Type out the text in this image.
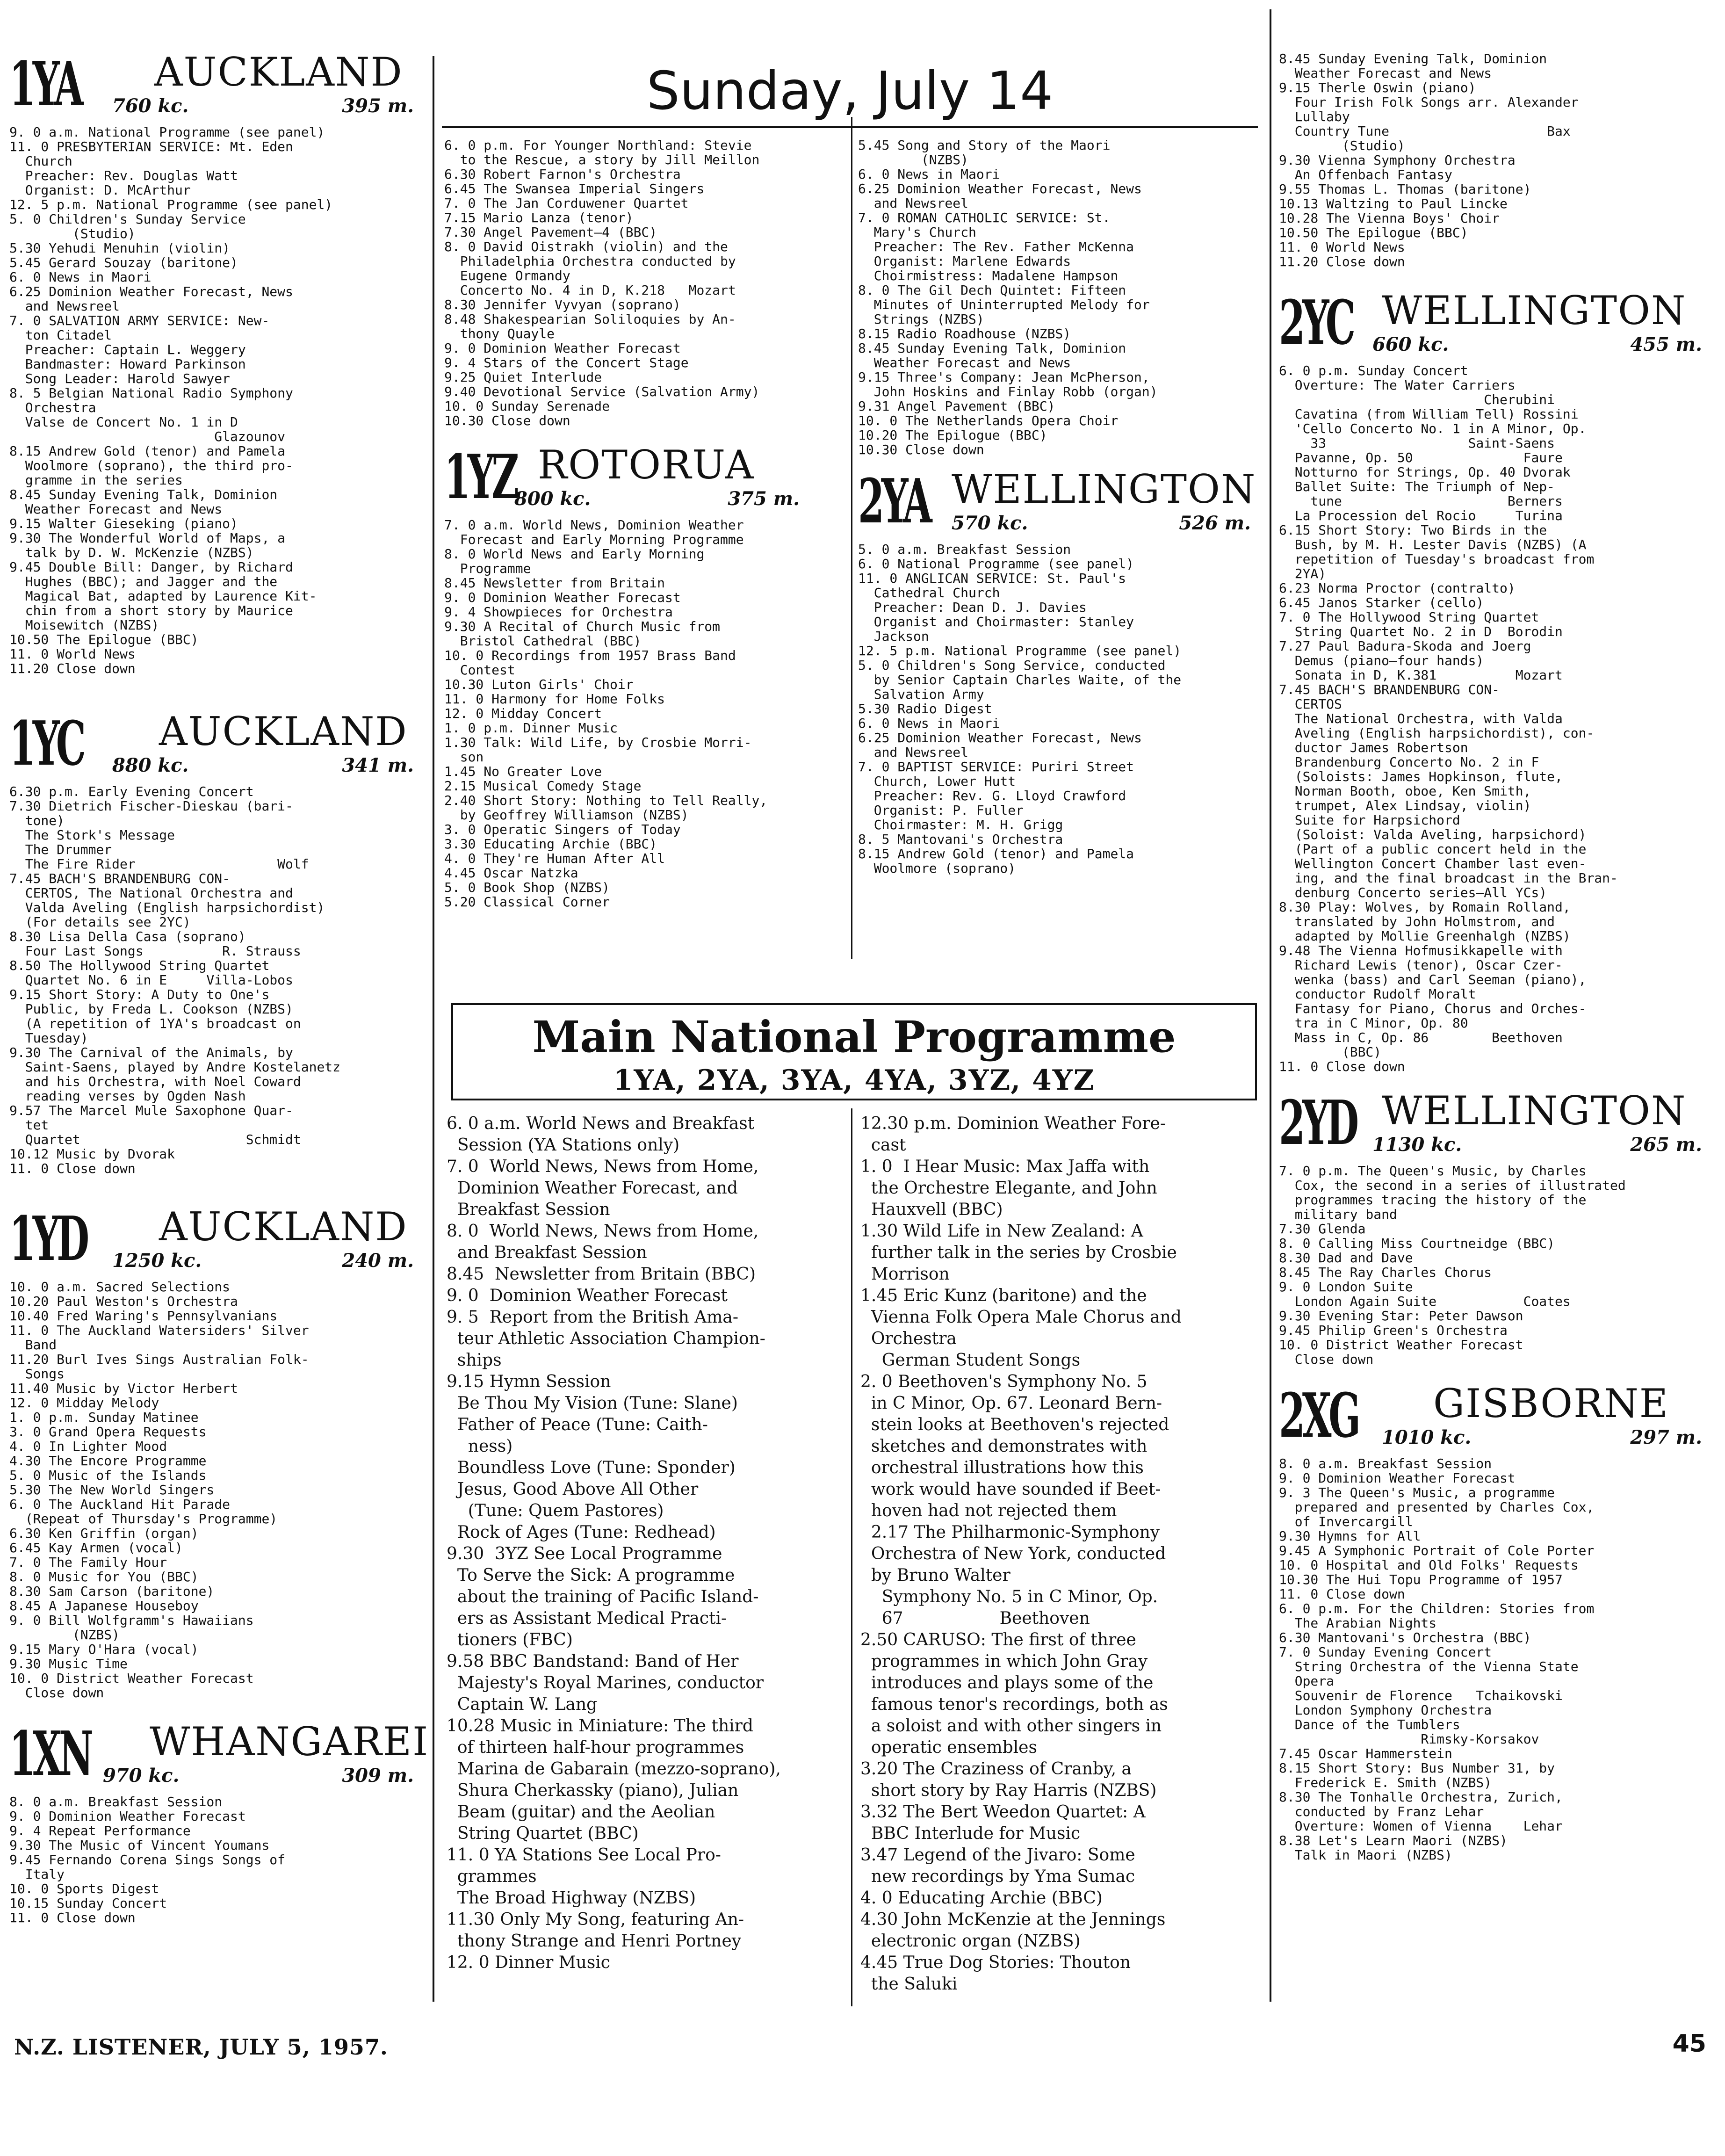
1YA AUCKLAND
760 kc.	395 m.

9. 0 a.m. National Programme (see panel)

11. 0 PRESBYTERIAN SERVICE: Mt. Eden

Church

Preacher: Rev. Douglas Watt

Organist: D. McArthur

12. 5 p.m. National Programme (see panel)

5. 0 Children's Sunday Service

(Studio)

5.30 Yehudi Menuhin (violin)

5.45 Gerard Souzay (baritone)

6. 0 News in Maori

6.25 Dominion Weather Forecast, News

and Newsreel

7. 0 SALVATION ARMY SERVICE: New-

ton Citadel

Preacher: Captain L. Weggery

Bandmaster: Howard Parkinson

Song Leader: Harold Sawyer

8. 5 Belgian National Radio Symphony

Orchestra

Valse de Concert No. 1 in D

Glazounov

8.15 Andrew Gold (tenor) and Pamela

Woolmore (soprano), the third pro-

gramme in the series

8.45 Sunday Evening Talk, Dominion

Weather Forecast and News

9.15 Walter Gieseking (piano)

9.30 The Wonderful World of Maps, a

talk by D. W. McKenzie (NZBS)

9.45 Double Bill: Danger, by Richard

Hughes (BBC); and Jagger and the

Magical Bat, adapted by Laurence Kit-

chin from a short story by Maurice

Moisewitch (NZBS)

10.50 The Epilogue (BBC)

11. 0 World News

11.20 Close down

1YC AUCKLAND
880 kc.	341 m.

6.30 p.m. Early Evening Concert

7.30 Dietrich Fischer-Dieskau (bari-

tone)

The Stork's Message

The Drummer

The Fire Rider                  Wolf

7.45 BACH'S BRANDENBURG CON-

CERTOS, The National Orchestra and

Valda Aveling (English harpsichordist)

(For details see 2YC)

8.30 Lisa Della Casa (soprano)

Four Last Songs          R. Strauss

8.50 The Hollywood String Quartet

Quartet No. 6 in E     Villa-Lobos

9.15 Short Story: A Duty to One's

Public, by Freda L. Cookson (NZBS)

(A repetition of 1YA's broadcast on

Tuesday)

9.30 The Carnival of the Animals, by

Saint-Saens, played by Andre Kostelanetz

and his Orchestra, with Noel Coward

reading verses by Ogden Nash

9.57 The Marcel Mule Saxophone Quar-

tet

Quartet                     Schmidt

10.12 Music by Dvorak

11. 0 Close down

1YD AUCKLAND
1250 kc.	240 m.

10. 0 a.m. Sacred Selections

10.20 Paul Weston's Orchestra

10.40 Fred Waring's Pennsylvanians

11. 0 The Auckland Watersiders' Silver

Band

11.20 Burl Ives Sings Australian Folk-

Songs

11.40 Music by Victor Herbert

12. 0 Midday Melody

1. 0 p.m. Sunday Matinee

3. 0 Grand Opera Requests

4. 0 In Lighter Mood

4.30 The Encore Programme

5. 0 Music of the Islands

5.30 The New World Singers

6. 0 The Auckland Hit Parade

(Repeat of Thursday's Programme)

6.30 Ken Griffin (organ)

6.45 Kay Armen (vocal)

7. 0 The Family Hour

8. 0 Music for You (BBC)

8.30 Sam Carson (baritone)

8.45 A Japanese Houseboy

9. 0 Bill Wolfgramm's Hawaiians

(NZBS)

9.15 Mary O'Hara (vocal)

9.30 Music Time

10. 0 District Weather Forecast

Close down

1XN WHANGAREI
970 kc.	309 m.

8. 0 a.m. Breakfast Session

9. 0 Dominion Weather Forecast

9. 4 Repeat Performance

9.30 The Music of Vincent Youmans

9.45 Fernando Corena Sings Songs of

Italy

10. 0 Sports Digest

10.15 Sunday Concert

11. 0 Close down

Sunday, July 14

6. 0 p.m. For Younger Northland: Stevie

to the Rescue, a story by Jill Meillon

6.30 Robert Farnon's Orchestra

6.45 The Swansea Imperial Singers

7. 0 The Jan Corduwener Quartet

7.15 Mario Lanza (tenor)

7.30 Angel Pavement—4 (BBC)

8. 0 David Oistrakh (violin) and the

Philadelphia Orchestra conducted by

Eugene Ormandy

Concerto No. 4 in D, K.218   Mozart

8.30 Jennifer Vyvyan (soprano)

8.48 Shakespearian Soliloquies by An-

thony Quayle

9. 0 Dominion Weather Forecast

9. 4 Stars of the Concert Stage

9.25 Quiet Interlude

9.40 Devotional Service (Salvation Army)

10. 0 Sunday Serenade

10.30 Close down

1YZ ROTORUA
800 kc.	375 m.

7. 0 a.m. World News, Dominion Weather

Forecast and Early Morning Programme

8. 0 World News and Early Morning

Programme

8.45 Newsletter from Britain

9. 0 Dominion Weather Forecast

9. 4 Showpieces for Orchestra

9.30 A Recital of Church Music from

Bristol Cathedral (BBC)

10. 0 Recordings from 1957 Brass Band

Contest

10.30 Luton Girls' Choir

11. 0 Harmony for Home Folks

12. 0 Midday Concert

1. 0 p.m. Dinner Music

1.30 Talk: Wild Life, by Crosbie Morri-

son

1.45 No Greater Love

2.15 Musical Comedy Stage

2.40 Short Story: Nothing to Tell Really,

by Geoffrey Williamson (NZBS)

3. 0 Operatic Singers of Today

3.30 Educating Archie (BBC)

4. 0 They're Human After All

4.45 Oscar Natzka

5. 0 Book Shop (NZBS)

5.20 Classical Corner

5.45 Song and Story of the Maori

(NZBS)

6. 0 News in Maori

6.25 Dominion Weather Forecast, News

and Newsreel

7. 0 ROMAN CATHOLIC SERVICE: St.

Mary's Church

Preacher: The Rev. Father McKenna

Organist: Marlene Edwards

Choirmistress: Madalene Hampson

8. 0 The Gil Dech Quintet: Fifteen

Minutes of Uninterrupted Melody for

Strings (NZBS)

8.15 Radio Roadhouse (NZBS)

8.45 Sunday Evening Talk, Dominion

Weather Forecast and News

9.15 Three's Company: Jean McPherson,

John Hoskins and Finlay Robb (organ)

9.31 Angel Pavement (BBC)

10. 0 The Netherlands Opera Choir

10.20 The Epilogue (BBC)

10.30 Close down

2YA WELLINGTON
570 kc.	526 m.

5. 0 a.m. Breakfast Session

6. 0 National Programme (see panel)

11. 0 ANGLICAN SERVICE: St. Paul's

Cathedral Church

Preacher: Dean D. J. Davies

Organist and Choirmaster: Stanley

Jackson

12. 5 p.m. National Programme (see panel)

5. 0 Children's Song Service, conducted

by Senior Captain Charles Waite, of the

Salvation Army

5.30 Radio Digest

6. 0 News in Maori

6.25 Dominion Weather Forecast, News

and Newsreel

7. 0 BAPTIST SERVICE: Puriri Street

Church, Lower Hutt

Preacher: Rev. G. Lloyd Crawford

Organist: P. Fuller

Choirmaster: M. H. Grigg

8. 5 Mantovani's Orchestra

8.15 Andrew Gold (tenor) and Pamela

Woolmore (soprano)

Main National Programme
1YA, 2YA, 3YA, 4YA, 3YZ, 4YZ

6. 0 a.m. World News and Breakfast

Session (YA Stations only)

7. 0  World News, News from Home,

Dominion Weather Forecast, and

Breakfast Session

8. 0  World News, News from Home,

and Breakfast Session

8.45  Newsletter from Britain (BBC)

9. 0  Dominion Weather Forecast

9. 5  Report from the British Ama-

teur Athletic Association Champion-

ships

9.15 Hymn Session

Be Thou My Vision (Tune: Slane)

Father of Peace (Tune: Caith-

ness)

Boundless Love (Tune: Sponder)

Jesus, Good Above All Other

(Tune: Quem Pastores)

Rock of Ages (Tune: Redhead)

9.30  3YZ See Local Programme

To Serve the Sick: A programme

about the training of Pacific Island-

ers as Assistant Medical Practi-

tioners (FBC)

9.58 BBC Bandstand: Band of Her

Majesty's Royal Marines, conductor

Captain W. Lang

10.28 Music in Miniature: The third

of thirteen half-hour programmes

Marina de Gabarain (mezzo-soprano),

Shura Cherkassky (piano), Julian

Beam (guitar) and the Aeolian

String Quartet (BBC)

11. 0 YA Stations See Local Pro-

grammes

The Broad Highway (NZBS)

11.30 Only My Song, featuring An-

thony Strange and Henri Portney

12. 0 Dinner Music

12.30 p.m. Dominion Weather Fore-

cast

1. 0  I Hear Music: Max Jaffa with

the Orchestre Elegante, and John

Hauxvell (BBC)

1.30 Wild Life in New Zealand: A

further talk in the series by Crosbie

Morrison

1.45 Eric Kunz (baritone) and the

Vienna Folk Opera Male Chorus and

Orchestra

German Student Songs

2. 0 Beethoven's Symphony No. 5

in C Minor, Op. 67. Leonard Bern-

stein looks at Beethoven's rejected

sketches and demonstrates with

orchestral illustrations how this

work would have sounded if Beet-

hoven had not rejected them

2.17 The Philharmonic-Symphony

Orchestra of New York, conducted

by Bruno Walter

Symphony No. 5 in C Minor, Op.

67                  Beethoven

2.50 CARUSO: The first of three

programmes in which John Gray

introduces and plays some of the

famous tenor's recordings, both as

a soloist and with other singers in

operatic ensembles

3.20 The Craziness of Cranby, a

short story by Ray Harris (NZBS)

3.32 The Bert Weedon Quartet: A

BBC Interlude for Music

3.47 Legend of the Jivaro: Some

new recordings by Yma Sumac

4. 0 Educating Archie (BBC)

4.30 John McKenzie at the Jennings

electronic organ (NZBS)

4.45 True Dog Stories: Thouton

the Saluki

8.45 Sunday Evening Talk, Dominion

Weather Forecast and News

9.15 Therle Oswin (piano)

Four Irish Folk Songs arr. Alexander

Lullaby

Country Tune                    Bax

(Studio)

9.30 Vienna Symphony Orchestra

An Offenbach Fantasy

9.55 Thomas L. Thomas (baritone)

10.13 Waltzing to Paul Lincke

10.28 The Vienna Boys' Choir

10.50 The Epilogue (BBC)

11. 0 World News

11.20 Close down

2YC WELLINGTON
660 kc.	455 m.

6. 0 p.m. Sunday Concert

Overture: The Water Carriers

Cherubini

Cavatina (from William Tell) Rossini

'Cello Concerto No. 1 in A Minor, Op.

33                  Saint-Saens

Pavanne, Op. 50              Faure

Notturno for Strings, Op. 40 Dvorak

Ballet Suite: The Triumph of Nep-

tune                     Berners

La Procession del Rocio     Turina

6.15 Short Story: Two Birds in the

Bush, by M. H. Lester Davis (NZBS) (A

repetition of Tuesday's broadcast from

2YA)

6.23 Norma Proctor (contralto)

6.45 Janos Starker (cello)

7. 0 The Hollywood String Quartet

String Quartet No. 2 in D  Borodin

7.27 Paul Badura-Skoda and Joerg

Demus (piano—four hands)

Sonata in D, K.381          Mozart

7.45 BACH'S BRANDENBURG CON-

CERTOS

The National Orchestra, with Valda

Aveling (English harpsichordist), con-

ductor James Robertson

Brandenburg Concerto No. 2 in F

(Soloists: James Hopkinson, flute,

Norman Booth, oboe, Ken Smith,

trumpet, Alex Lindsay, violin)

Suite for Harpsichord

(Soloist: Valda Aveling, harpsichord)

(Part of a public concert held in the

Wellington Concert Chamber last even-

ing, and the final broadcast in the Bran-

denburg Concerto series—All YCs)

8.30 Play: Wolves, by Romain Rolland,

translated by John Holmstrom, and

adapted by Mollie Greenhalgh (NZBS)

9.48 The Vienna Hofmusikkapelle with

Richard Lewis (tenor), Oscar Czer-

wenka (bass) and Carl Seeman (piano),

conductor Rudolf Moralt

Fantasy for Piano, Chorus and Orches-

tra in C Minor, Op. 80

Mass in C, Op. 86        Beethoven

(BBC)

11. 0 Close down

2YD WELLINGTON
1130 kc.	265 m.

7. 0 p.m. The Queen's Music, by Charles

Cox, the second in a series of illustrated

programmes tracing the history of the

military band

7.30 Glenda

8. 0 Calling Miss Courtneidge (BBC)

8.30 Dad and Dave

8.45 The Ray Charles Chorus

9. 0 London Suite

London Again Suite           Coates

9.30 Evening Star: Peter Dawson

9.45 Philip Green's Orchestra

10. 0 District Weather Forecast

Close down

2XG GISBORNE
1010 kc.	297 m.

8. 0 a.m. Breakfast Session

9. 0 Dominion Weather Forecast

9. 3 The Queen's Music, a programme

prepared and presented by Charles Cox,

of Invercargill

9.30 Hymns for All

9.45 A Symphonic Portrait of Cole Porter

10. 0 Hospital and Old Folks' Requests

10.30 The Hui Topu Programme of 1957

11. 0 Close down

6. 0 p.m. For the Children: Stories from

The Arabian Nights

6.30 Mantovani's Orchestra (BBC)

7. 0 Sunday Evening Concert

String Orchestra of the Vienna State

Opera

Souvenir de Florence   Tchaikovski

London Symphony Orchestra

Dance of the Tumblers

Rimsky-Korsakov

7.45 Oscar Hammerstein

8.15 Short Story: Bus Number 31, by

Frederick E. Smith (NZBS)

8.30 The Tonhalle Orchestra, Zurich,

conducted by Franz Lehar

Overture: Women of Vienna    Lehar

8.38 Let's Learn Maori (NZBS)

Talk in Maori (NZBS)

N.Z. LISTENER, JULY 5, 1957.	45
